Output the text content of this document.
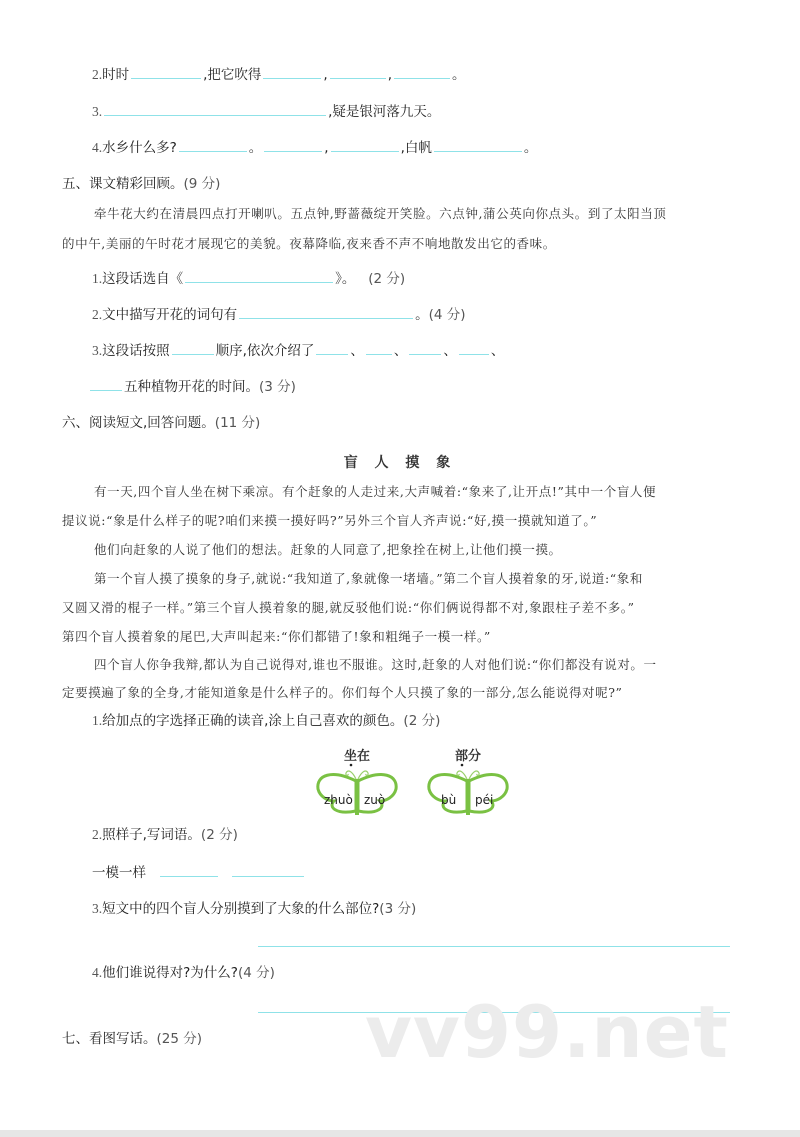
2.时时	,把它吹得	,	,	。
3.	,疑是银河落九天。
4.水乡什么多?	。	,	,白帆	。
五、课文精彩回顾。(9 分)
牵牛花大约在清晨四点打开喇叭。五点钟,野蔷薇绽开笑脸。六点钟,蒲公英向你点头。到了太阳当顶
的中午,美丽的午时花才展现它的美貌。夜幕降临,夜来香不声不响地散发出它的香味。
1.这段话选自《	》。 (2 分)
2.文中描写开花的词句有	。(4 分)
3.这段话按照	顺序,依次介绍了	、 、	、	、
五种植物开花的时间。(3 分)
六、阅读短文,回答问题。(11 分)
盲 人 摸 象
有一天,四个盲人坐在树下乘凉。有个赶象的人走过来,大声喊着:“象来了,让开点!”其中一个盲人便
提议说:“象是什么样子的呢?咱们来摸一摸好吗?”另外三个盲人齐声说:“好,摸一摸就知道了。”
他们向赶象的人说了他们的想法。赶象的人同意了,把象拴在树上,让他们摸一摸。
第一个盲人摸了摸象的身子,就说:“我知道了,象就像一堵墙。”第二个盲人摸着象的牙,说道:“象和
又圆又滑的棍子一样。”第三个盲人摸着象的腿,就反驳他们说:“你们俩说得都不对,象跟柱子差不多。”
第四个盲人摸着象的尾巴,大声叫起来:“你们都错了!象和粗绳子一模一样。”
四个盲人你争我辩,都认为自己说得对,谁也不服谁。这时,赶象的人对他们说:“你们都没有说对。一
定要摸遍了象的全身,才能知道象是什么样子的。你们每个人只摸了象的一部分,怎么能说得对呢?”
1.给加点的字选择正确的读音,涂上自己喜欢的颜色。(2 分)
坐在
zhuò zuò
部分
bù péi
2.照样子,写词语。(2 分)
一模一样
3.短文中的四个盲人分别摸到了大象的什么部位?(3 分)
4.他们谁说得对?为什么?(4 分)
vv99.net
七、看图写话。(25 分)
